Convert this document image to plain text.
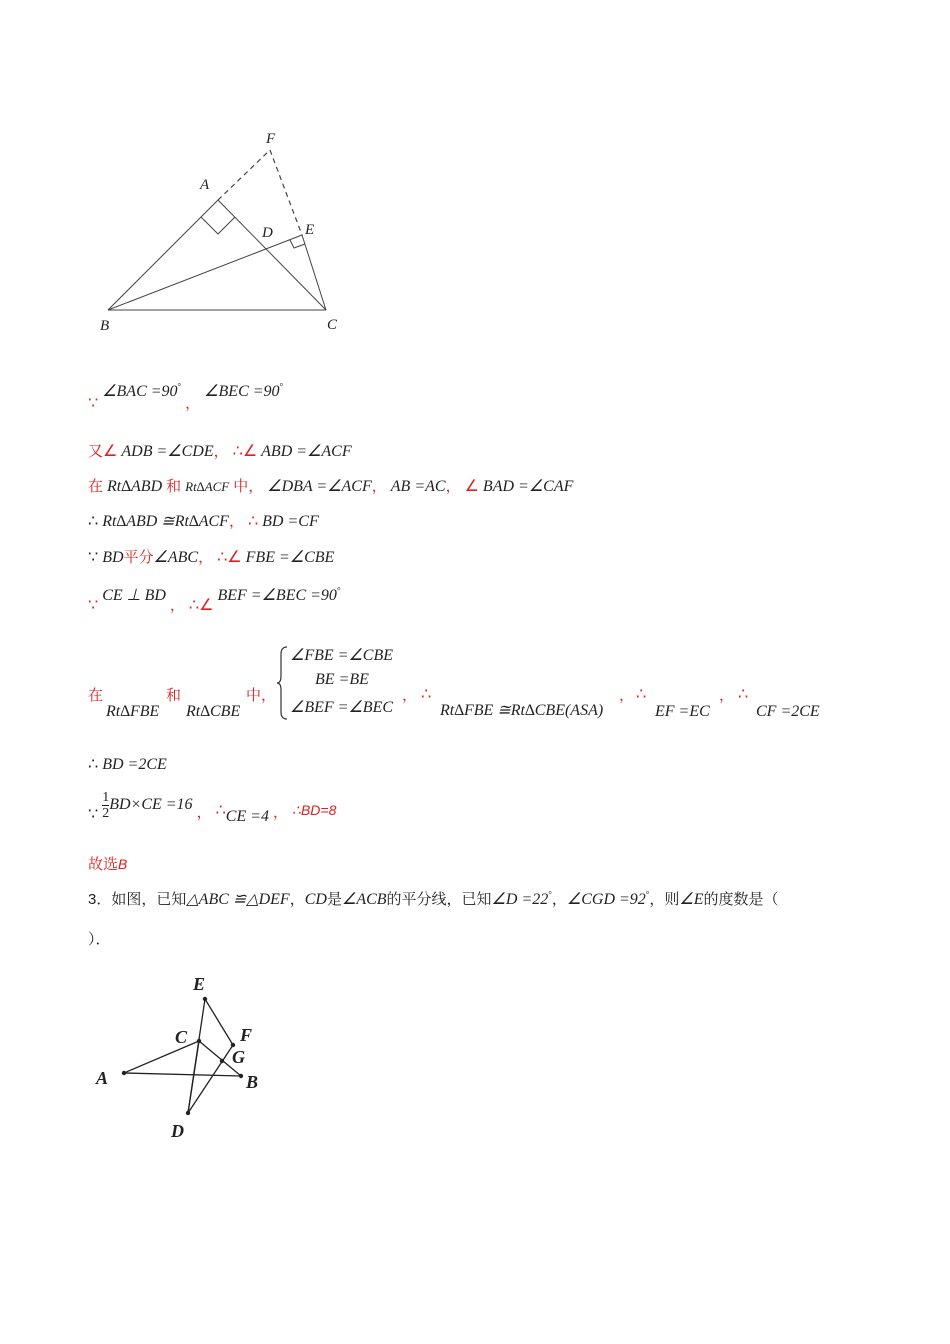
F
A
D E
B	C
∵ ∠BAC =90° ， ∠BEC =90°
又∠ ADB =∠CDE， ∴∠ ABD =∠ACF
在 Rt∆ABD 和 Rt∆ACF 中， ∠DBA =∠ACF， AB =AC， ∠ BAD =∠CAF
∴ Rt∆ABD ≅Rt∆ACF， ∴ BD =CF
∵ BD平分∠ABC， ∴∠ FBE =∠CBE
∵ CE ⊥ BD ， ∴∠ BEF =∠BEC =90°
在	和	中，
Rt∆FBE Rt∆CBE
∠FBE =∠CBE
BE =BE
∠BEF =∠BEC
， ∴
Rt∆FBE ≅Rt∆CBE(ASA)
， ∴
EF =EC
， ∴
CF =2CE
∴ BD =2CE
∵ $\frac{1}{2} BD\times CE =16$ ， ∴CE =4 ， ∴BD=8
故选B
3．如图，已知△ABC ≌△DEF，CD是∠ACB的平分线，已知∠D =22°，∠CGD =92°，则∠E的度数是（
）．
E
C	F
G
A	B
D
